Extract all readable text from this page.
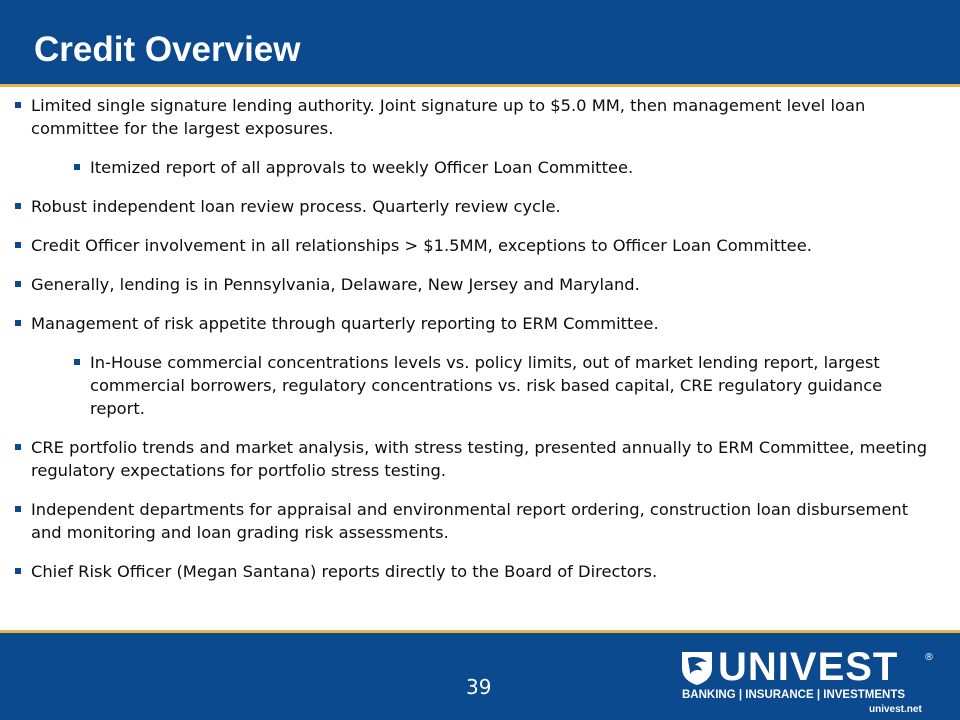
Credit Overview
Limited single signature lending authority. Joint signature up to $5.0 MM, then management level loan committee for the largest exposures.
Itemized report of all approvals to weekly Officer Loan Committee.
Robust independent loan review process. Quarterly review cycle.
Credit Officer involvement in all relationships > $1.5MM, exceptions to Officer Loan Committee.
Generally, lending is in Pennsylvania, Delaware, New Jersey and Maryland.
Management of risk appetite through quarterly reporting to ERM Committee.
In-House commercial concentrations levels vs. policy limits, out of market lending report, largest commercial borrowers, regulatory concentrations vs. risk based capital, CRE regulatory guidance report.
CRE portfolio trends and market analysis, with stress testing, presented annually to ERM Committee, meeting regulatory expectations for portfolio stress testing.
Independent departments for appraisal and environmental report ordering, construction loan disbursement and monitoring and loan grading risk assessments.
Chief Risk Officer (Megan Santana) reports directly to the Board of Directors.
39	UNIVEST	®
BANKING | INSURANCE | INVESTMENTS
univest.net
